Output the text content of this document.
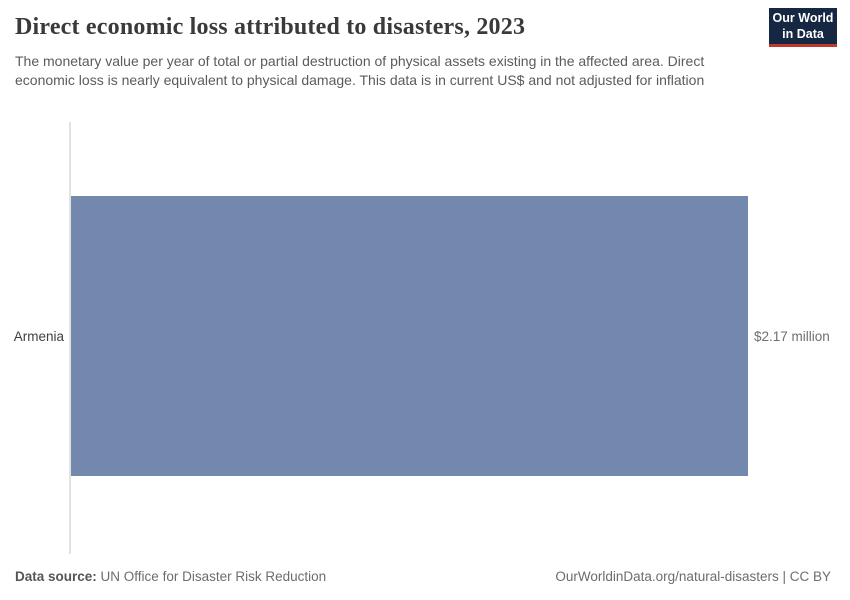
Direct economic loss attributed to disasters, 2023	Our World
in Data

The monetary value per year of total or partial destruction of physical assets existing in the affected area. Direct economic loss is nearly equivalent to physical damage. This data is in current US$ and not adjusted for inflation

Armenia	$2.17 million
Data source: UN Office for Disaster Risk Reduction	OurWorldinData.org/natural-disasters | CC BY
